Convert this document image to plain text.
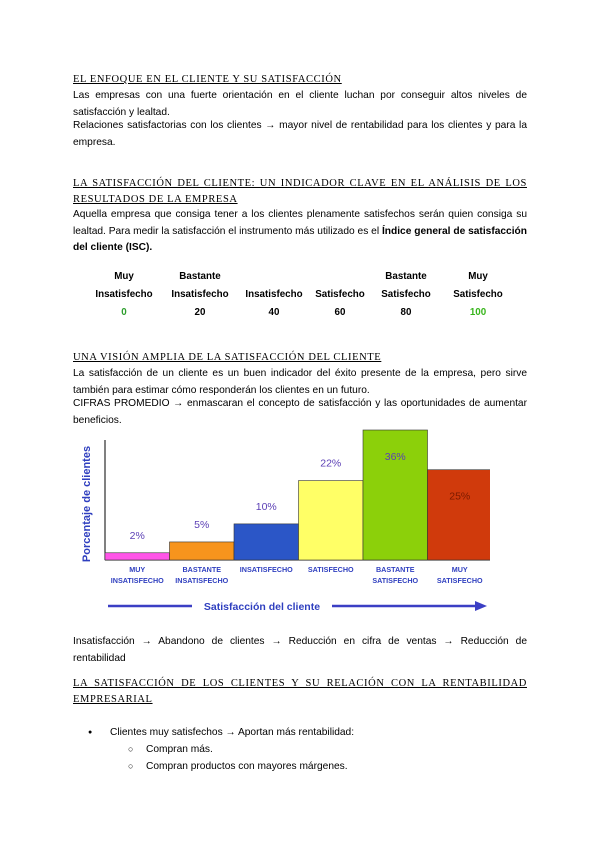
EL ENFOQUE EN EL CLIENTE Y SU SATISFACCIÓN
Las empresas con una fuerte orientación en el cliente luchan por conseguir altos niveles de satisfacción y lealtad.
Relaciones satisfactorias con los clientes → mayor nivel de rentabilidad para los clientes y para la empresa.
LA SATISFACCIÓN DEL CLIENTE: UN INDICADOR CLAVE EN EL ANÁLISIS DE LOS RESULTADOS DE LA EMPRESA
Aquella empresa que consiga tener a los clientes plenamente satisfechos serán quien consiga su lealtad. Para medir la satisfacción el instrumento más utilizado es el Índice general de satisfacción del cliente (ISC).
Muy
Insatisfecho
0
Bastante
Insatisfecho
20
Insatisfecho
40
Satisfecho
60
Bastante
Satisfecho
80
Muy
Satisfecho
100
UNA VISIÓN AMPLIA DE LA SATISFACCIÓN DEL CLIENTE
La satisfacción de un cliente es un buen indicador del éxito presente de la empresa, pero sirve también para estimar cómo responderán los clientes en un futuro.
CIFRAS PROMEDIO → enmascaran el concepto de satisfacción y las oportunidades de aumentar beneficios.
Porcentaje de clientes	2%
MUY
INSATISFECHO
5%
BASTANTE
INSATISFECHO
10%
INSATISFECHO
22%
SATISFECHO
36%
BASTANTE
SATISFECHO
25%
MUY
SATISFECHO
Satisfacción del cliente
Insatisfacción → Abandono de clientes → Reducción en cifra de ventas → Reducción de rentabilidad
LA SATISFACCIÓN DE LOS CLIENTES Y SU RELACIÓN CON LA RENTABILIDAD EMPRESARIAL
● Clientes muy satisfechos → Aportan más rentabilidad:
○ Compran más.
○ Compran productos con mayores márgenes.
